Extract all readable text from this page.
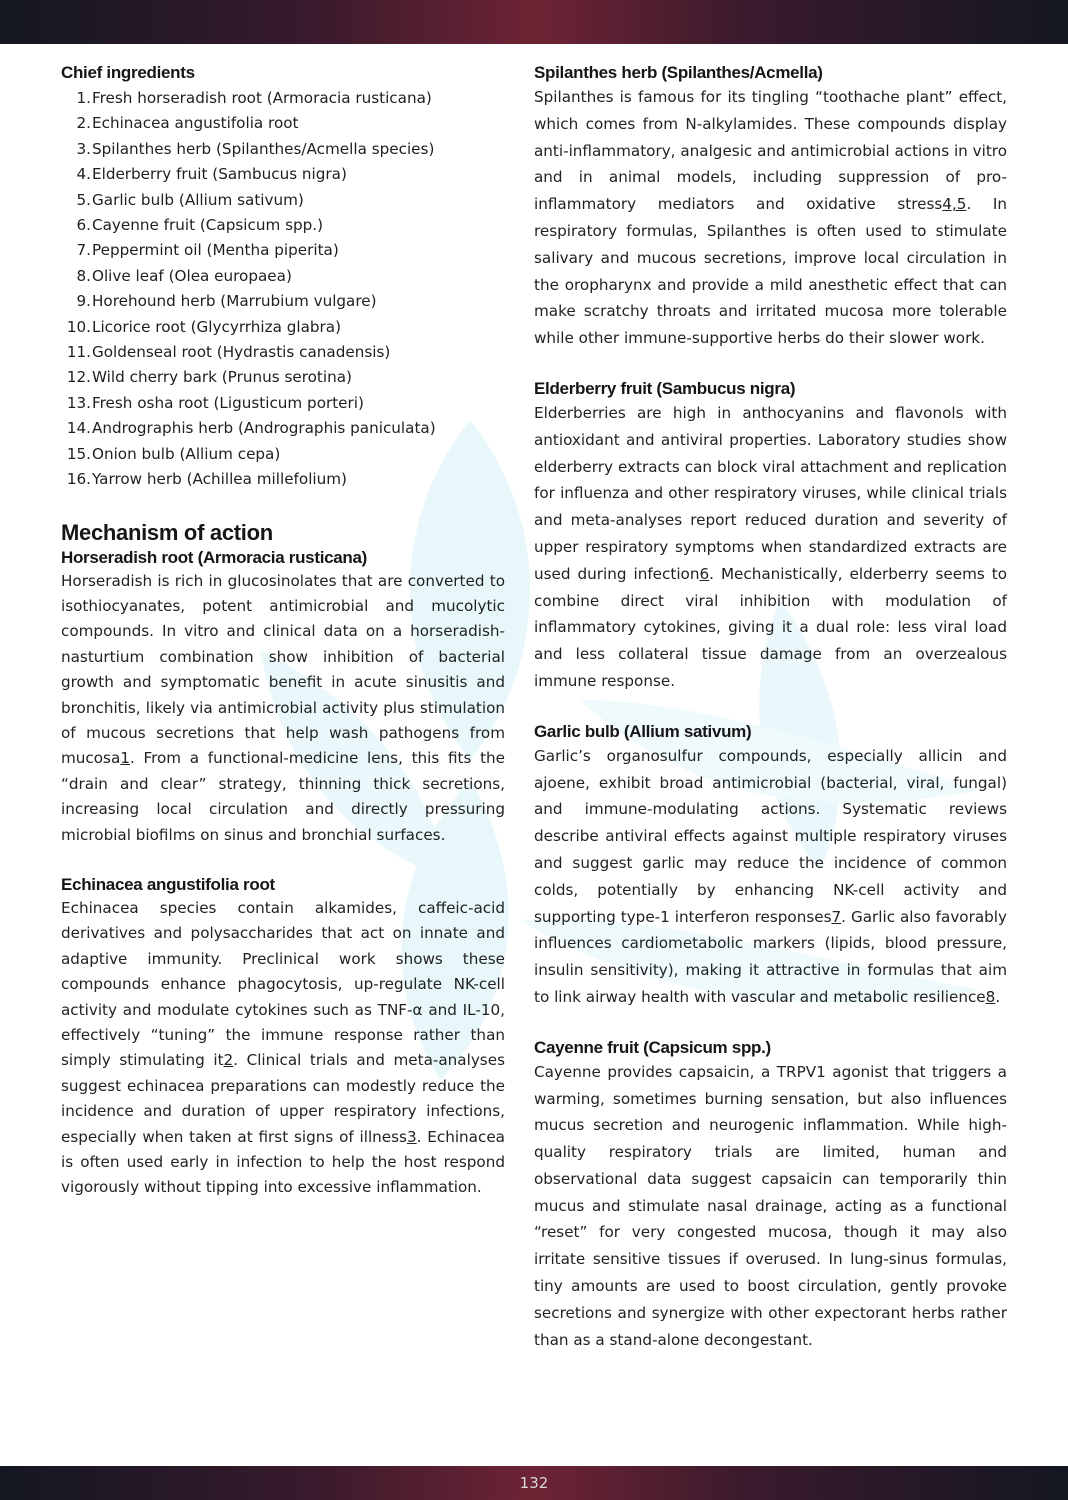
Chief ingredients
1. Fresh horseradish root (Armoracia rusticana)
2. Echinacea angustifolia root
3. Spilanthes herb (Spilanthes/Acmella species)
4. Elderberry fruit (Sambucus nigra)
5. Garlic bulb (Allium sativum)
6. Cayenne fruit (Capsicum spp.)
7. Peppermint oil (Mentha piperita)
8. Olive leaf (Olea europaea)
9. Horehound herb (Marrubium vulgare)
10. Licorice root (Glycyrrhiza glabra)
11. Goldenseal root (Hydrastis canadensis)
12. Wild cherry bark (Prunus serotina)
13. Fresh osha root (Ligusticum porteri)
14. Andrographis herb (Andrographis paniculata)
15. Onion bulb (Allium cepa)
16. Yarrow herb (Achillea millefolium)
Mechanism of action
Horseradish root (Armoracia rusticana)

Horseradish is rich in glucosinolates that are converted to isothiocyanates, potent antimicrobial and mucolytic compounds. In vitro and clinical data on a horseradish-nasturtium combination show inhibition of bacterial growth and symptomatic benefit in acute sinusitis and bronchitis, likely via antimicrobial activity plus stimulation of mucous secretions that help wash pathogens from mucosa1. From a functional-medicine lens, this fits the “drain and clear” strategy, thinning thick secretions, increasing local circulation and directly pressuring microbial biofilms on sinus and bronchial surfaces.

Echinacea angustifolia root

Echinacea species contain alkamides, caffeic-acid derivatives and polysaccharides that act on innate and adaptive immunity. Preclinical work shows these compounds enhance phagocytosis, up-regulate NK-cell activity and modulate cytokines such as TNF-α and IL-10, effectively “tuning” the immune response rather than simply stimulating it2. Clinical trials and meta-analyses suggest echinacea preparations can modestly reduce the incidence and duration of upper respiratory infections, especially when taken at first signs of illness3. Echinacea is often used early in infection to help the host respond vigorously without tipping into excessive inflammation.

Spilanthes herb (Spilanthes/Acmella)

Spilanthes is famous for its tingling “toothache plant” effect, which comes from N-alkylamides. These compounds display anti-inflammatory, analgesic and antimicrobial actions in vitro and in animal models, including suppression of pro-inflammatory mediators and oxidative stress4,5. In respiratory formulas, Spilanthes is often used to stimulate salivary and mucous secretions, improve local circulation in the oropharynx and provide a mild anesthetic effect that can make scratchy throats and irritated mucosa more tolerable while other immune-supportive herbs do their slower work.

Elderberry fruit (Sambucus nigra)

Elderberries are high in anthocyanins and flavonols with antioxidant and antiviral properties. Laboratory studies show elderberry extracts can block viral attachment and replication for influenza and other respiratory viruses, while clinical trials and meta-analyses report reduced duration and severity of upper respiratory symptoms when standardized extracts are used during infection6. Mechanistically, elderberry seems to combine direct viral inhibition with modulation of inflammatory cytokines, giving it a dual role: less viral load and less collateral tissue damage from an overzealous immune response.

Garlic bulb (Allium sativum)

Garlic’s organosulfur compounds, especially allicin and ajoene, exhibit broad antimicrobial (bacterial, viral, fungal) and immune-modulating actions. Systematic reviews describe antiviral effects against multiple respiratory viruses and suggest garlic may reduce the incidence of common colds, potentially by enhancing NK-cell activity and supporting type-1 interferon responses7. Garlic also favorably influences cardiometabolic markers (lipids, blood pressure, insulin sensitivity), making it attractive in formulas that aim to link airway health with vascular and metabolic resilience8.

Cayenne fruit (Capsicum spp.)

Cayenne provides capsaicin, a TRPV1 agonist that triggers a warming, sometimes burning sensation, but also influences mucus secretion and neurogenic inflammation. While high-quality respiratory trials are limited, human and observational data suggest capsaicin can temporarily thin mucus and stimulate nasal drainage, acting as a functional “reset” for very congested mucosa, though it may also irritate sensitive tissues if overused. In lung-sinus formulas, tiny amounts are used to boost circulation, gently provoke secretions and synergize with other expectorant herbs rather than as a stand-alone decongestant.

132
